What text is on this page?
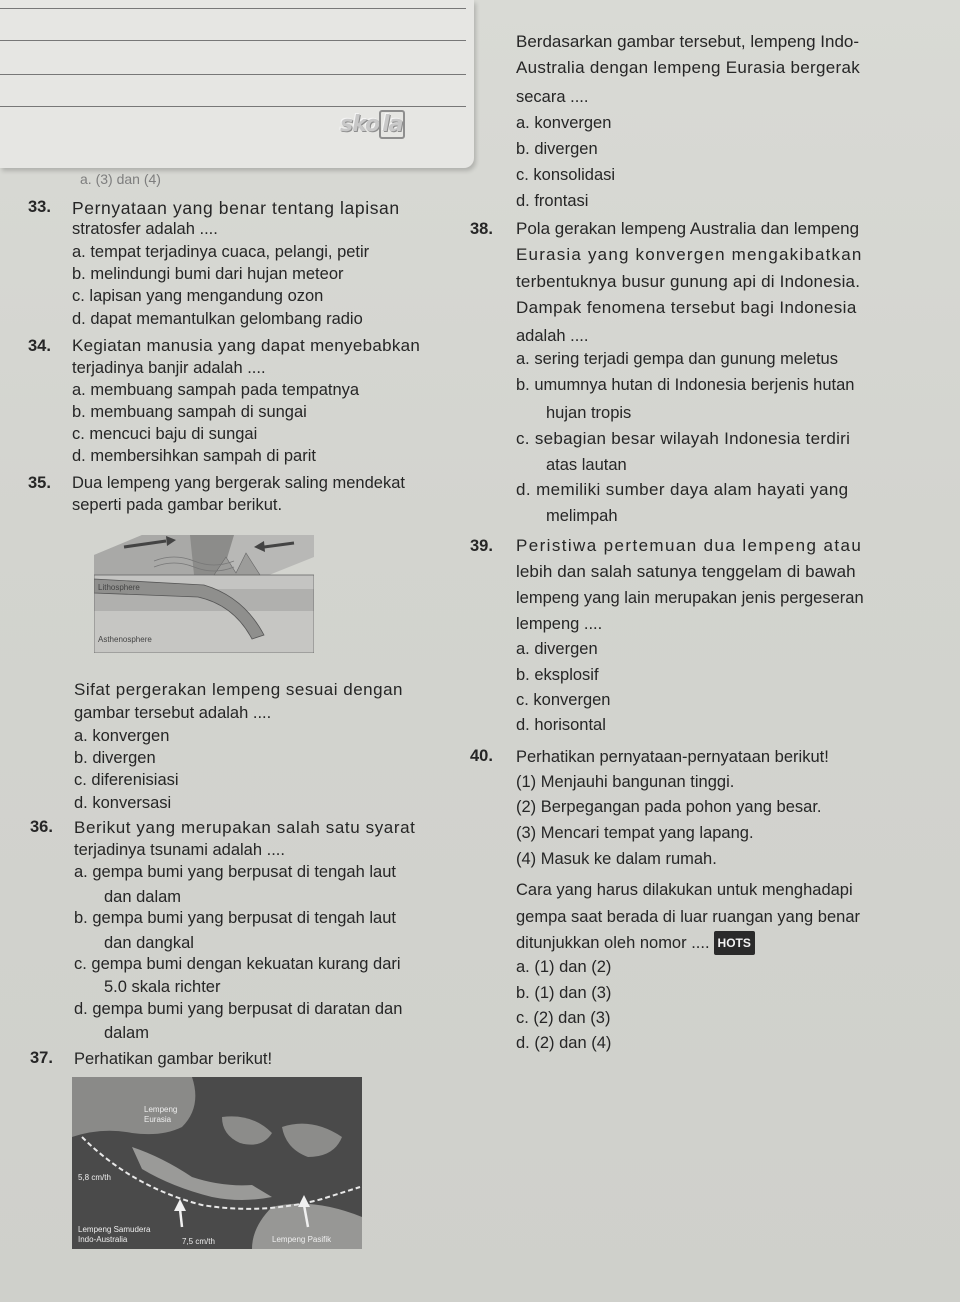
sko la
a. (3) dan (4)
33. Pernyataan yang benar tentang lapisan
stratosfer adalah ....
a. tempat terjadinya cuaca, pelangi, petir
b. melindungi bumi dari hujan meteor
c. lapisan yang mengandung ozon
d. dapat memantulkan gelombang radio
34. Kegiatan manusia yang dapat menyebabkan
terjadinya banjir adalah ....
a. membuang sampah pada tempatnya
b. membuang sampah di sungai
c. mencuci baju di sungai
d. membersihkan sampah di parit
35. Dua lempeng yang bergerak saling mendekat
seperti pada gambar berikut.
Lithosphere
Asthenosphere
Sifat pergerakan lempeng sesuai dengan
gambar tersebut adalah ....
a. konvergen
b. divergen
c. diferenisiasi
d. konversasi
36. Berikut yang merupakan salah satu syarat
terjadinya tsunami adalah ....
a. gempa bumi yang berpusat di tengah laut
dan dalam
b. gempa bumi yang berpusat di tengah laut
dan dangkal
c. gempa bumi dengan kekuatan kurang dari
5.0 skala richter
d. gempa bumi yang berpusat di daratan dan
dalam
37. Perhatikan gambar berikut!
Lempeng Eurasia
5,8 cm/th
Lempeng Samudera Indo-Australia	7,5 cm/th	Lempeng Pasifik
Berdasarkan gambar tersebut, lempeng Indo-
Australia dengan lempeng Eurasia bergerak
secara ....
a. konvergen
b. divergen
c. konsolidasi
d. frontasi
38. Pola gerakan lempeng Australia dan lempeng
Eurasia yang konvergen mengakibatkan
terbentuknya busur gunung api di Indonesia.
Dampak fenomena tersebut bagi Indonesia
adalah ....
a. sering terjadi gempa dan gunung meletus
b. umumnya hutan di Indonesia berjenis hutan
hujan tropis
c. sebagian besar wilayah Indonesia terdiri
atas lautan
d. memiliki sumber daya alam hayati yang
melimpah
39. Peristiwa pertemuan dua lempeng atau
lebih dan salah satunya tenggelam di bawah
lempeng yang lain merupakan jenis pergeseran
lempeng ....
a. divergen
b. eksplosif
c. konvergen
d. horisontal
40. Perhatikan pernyataan-pernyataan berikut!
(1) Menjauhi bangunan tinggi.
(2) Berpegangan pada pohon yang besar.
(3) Mencari tempat yang lapang.
(4) Masuk ke dalam rumah.
Cara yang harus dilakukan untuk menghadapi
gempa saat berada di luar ruangan yang benar
ditunjukkan oleh nomor .... HOTS
a. (1) dan (2)
b. (1) dan (3)
c. (2) dan (3)
d. (2) dan (4)
